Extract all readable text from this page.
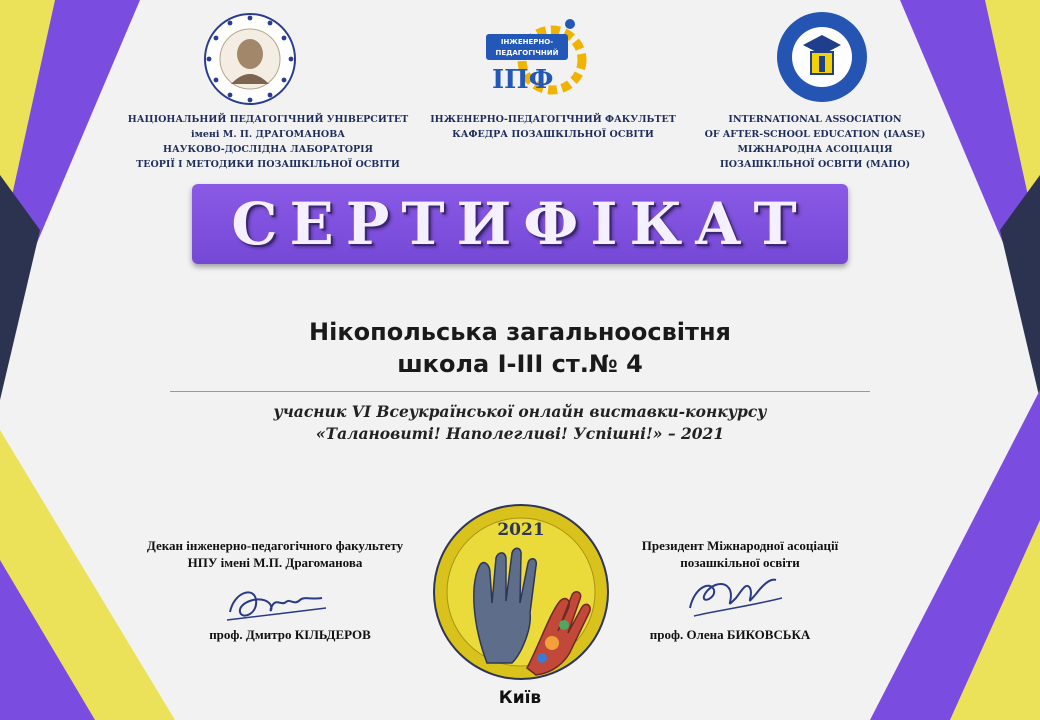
ІНЖЕНЕРНО-
ПЕДАГОГІЧНИЙ
ІПФ
НАЦІОНАЛЬНИЙ ПЕДАГОГІЧНИЙ УНІВЕРСИТЕТ
імені М. П. ДРАГОМАНОВА
НАУКОВО-ДОСЛІДНА ЛАБОРАТОРІЯ
ТЕОРІЇ І МЕТОДИКИ ПОЗАШКІЛЬНОЇ ОСВІТИ
ІНЖЕНЕРНО-ПЕДАГОГІЧНИЙ ФАКУЛЬТЕТ
КАФЕДРА ПОЗАШКІЛЬНОЇ ОСВІТИ
INTERNATIONAL ASSOCIATION
OF AFTER-SCHOOL EDUCATION (IAASE)
МІЖНАРОДНА АСОЦІАЦІЯ
ПОЗАШКІЛЬНОЇ ОСВІТИ (МАПО)
СЕРТИФІКАТ
Нікопольська загальноосвітня
школа І-ІІІ ст.№ 4
учасник VІ Всеукраїнської онлайн виставки-конкурсу
«Талановиті! Наполегливі! Успішні!» – 2021
2021
Декан інженерно-педагогічного факультету
НПУ імені М.П. Драгоманова
проф. Дмитро КІЛЬДЕРОВ
Президент Міжнародної асоціації
позашкільної освіти
проф. Олена БИКОВСЬКА
Київ
